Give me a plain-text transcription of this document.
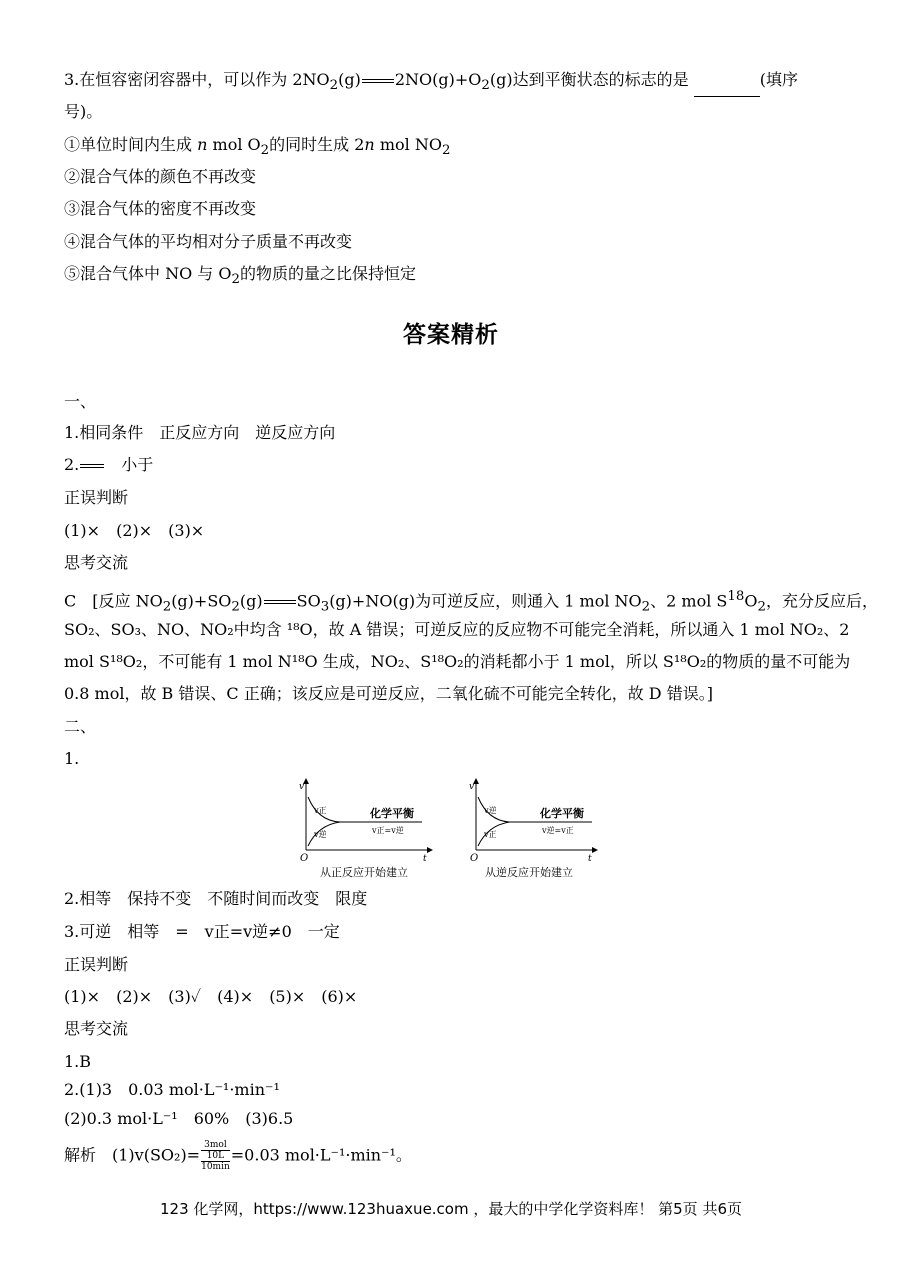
3.在恒容密闭容器中，可以作为 $2NO_2(g)$ $2NO(g)+O_2(g)$达到平衡状态的标志的是	(填序
号)。
①单位时间内生成 n mol $O_2$的同时生成 2n mol $NO_2$
②混合气体的颜色不再改变
③混合气体的密度不再改变
④混合气体的平均相对分子质量不再改变
⑤混合气体中 NO 与 $O_2$的物质的量之比保持恒定
答案精析
一、
1.相同条件　正反应方向　逆反应方向
2.　	小于
正误判断
(1)×　(2)×　(3)×
思考交流
C　[反应 $NO_2(g)+SO_2(g)$ $SO_3(g)+NO(g)$为可逆反应，则通入 1 mol $NO_2$、2 mol $S^{18}O_2$，充分反应后，
SO₂、SO₃、NO、NO₂中均含 ¹⁸O，故 A 错误；可逆反应的反应物不可能完全消耗，所以通入 1 mol NO₂、2
mol S¹⁸O₂，不可能有 1 mol N¹⁸O 生成，NO₂、S¹⁸O₂的消耗都小于 1 mol，所以 S¹⁸O₂的物质的量不可能为
0.8 mol，故 B 错误、C 正确；该反应是可逆反应，二氧化硫不可能完全转化，故 D 错误。]
二、
1.
v
t
O
v正
v逆
化学平衡
v正=v逆
从正反应开始建立
v
t
O
v逆
v正
化学平衡
v逆=v正
从逆反应开始建立
2.相等　保持不变　不随时间而改变　限度
3.可逆　相等　=　v正=v逆≠0　一定
正误判断
(1)×　(2)×　(3)✓　(4)×　(5)×　(6)×
思考交流
1.B
2.(1)3　0.03 mol·L⁻¹·min⁻¹
(2)0.3 mol·L⁻¹　60%　(3)6.5
解析　(1)v(SO₂)=
3mol
10L
10min
=0.03 mol·L⁻¹·min⁻¹。
123 化学网，https://www.123huaxue.com ，最大的中学化学资料库！ 第5页 共6页
